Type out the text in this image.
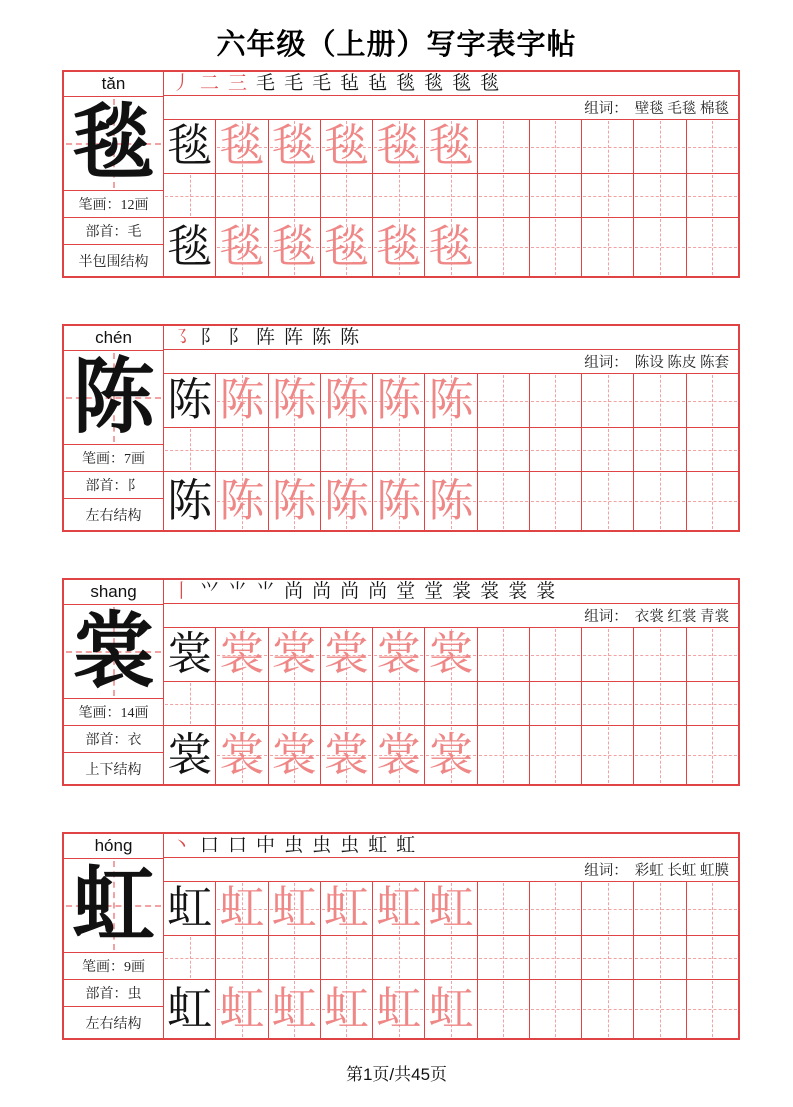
六年级（上册）写字表字帖
tǎn
毯
笔画： 12画
部首： 毛
半包围结构
丿 二 三 毛 毛 毛 毡 毡 毯 毯 毯 毯
组词： 壁毯 毛毯 棉毯
毯 毯 毯 毯 毯 毯
毯 毯 毯 毯 毯 毯
chén
陈
笔画： 7画
部首： 阝
左右结构
㇌ 阝 阝 阵 阵 陈 陈
组词： 陈设 陈皮 陈套
陈 陈 陈 陈 陈 陈
陈 陈 陈 陈 陈 陈
shang
裳
笔画： 14画
部首： 衣
上下结构
丨 ⺍ ⺌ ⺌ 尚 尚 尚 尚 堂 堂 裳 裳 裳 裳
组词： 衣裳 红裳 青裳
裳 裳 裳 裳 裳 裳
裳 裳 裳 裳 裳 裳
hóng
虹
笔画： 9画
部首： 虫
左右结构
丶 口 口 中 虫 虫 虫 虹 虹
组词： 彩虹 长虹 虹膜
虹 虹 虹 虹 虹 虹
虹 虹 虹 虹 虹 虹
第1页/共45页
